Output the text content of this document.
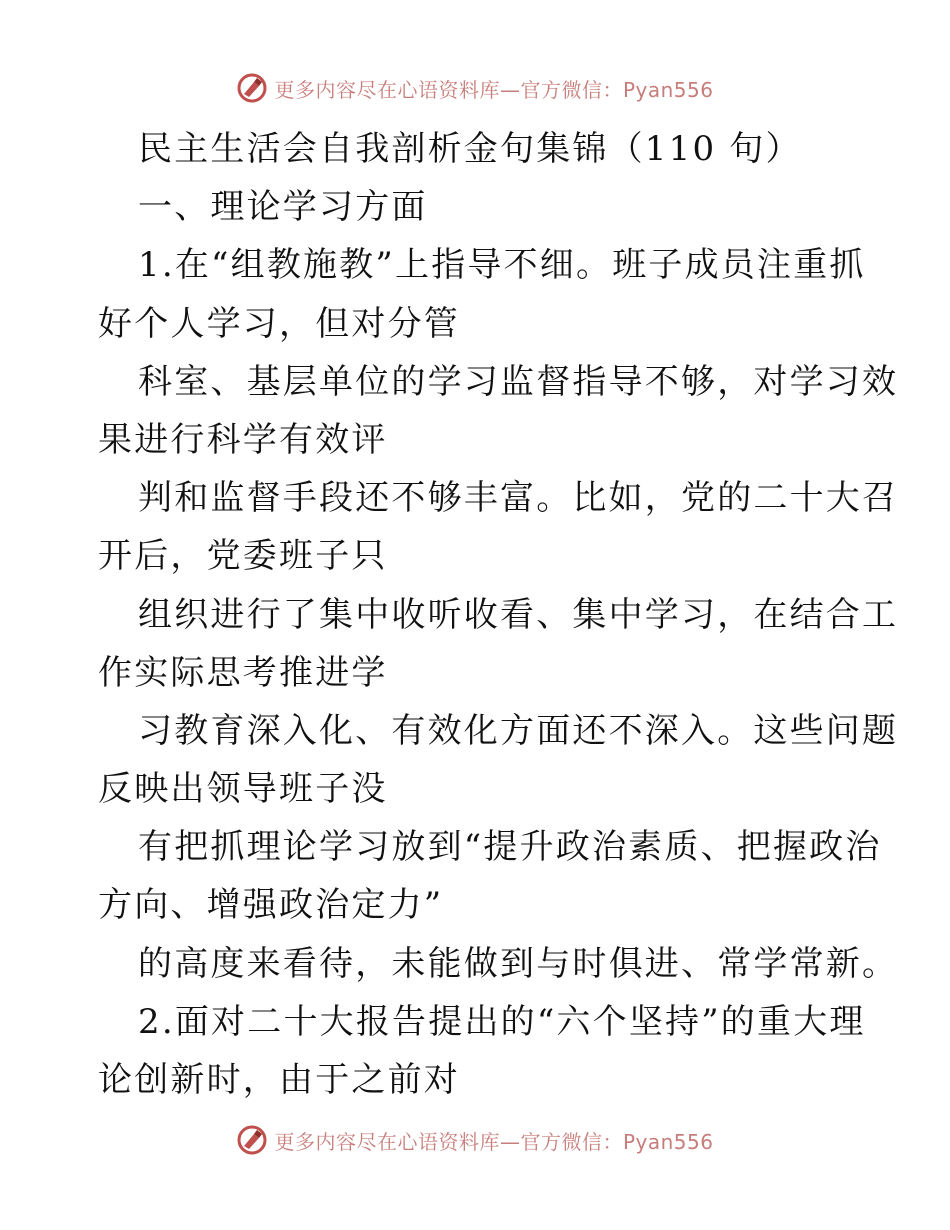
更多内容尽在心语资料库—官方微信：Pyan556
民主生活会自我剖析金句集锦（110 句）
一、理论学习方面
1.在“组教施教”上指导不细。班子成员注重抓
好个人学习，但对分管
科室、基层单位的学习监督指导不够，对学习效
果进行科学有效评
判和监督手段还不够丰富。比如，党的二十大召
开后，党委班子只
组织进行了集中收听收看、集中学习，在结合工
作实际思考推进学
习教育深入化、有效化方面还不深入。这些问题
反映出领导班子没
有把抓理论学习放到“提升政治素质、把握政治
方向、增强政治定力”
的高度来看待，未能做到与时俱进、常学常新。
2.面对二十大报告提出的“六个坚持”的重大理
论创新时，由于之前对
更多内容尽在心语资料库—官方微信：Pyan556
